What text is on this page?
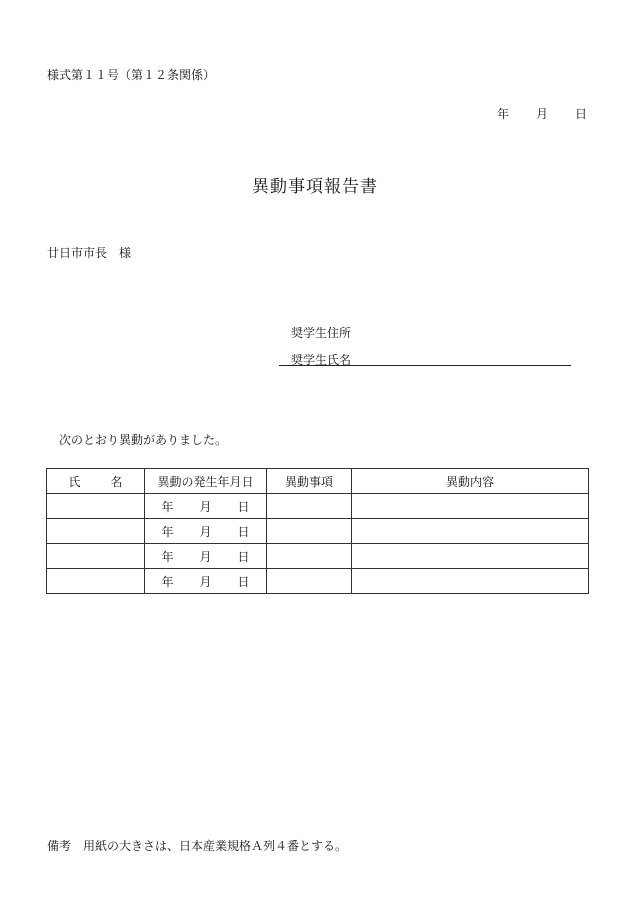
様式第１１号（第１２条関係）
年 月 日
異動事項報告書
廿日市市長　様
奨学生住所
奨学生氏名
次のとおり異動がありました。
氏 名	異動の発生年月日	異動事項	異動内容
	年 月 日		
	年 月 日		
	年 月 日		
	年 月 日		
備考　用紙の大きさは、日本産業規格Ａ列４番とする。
